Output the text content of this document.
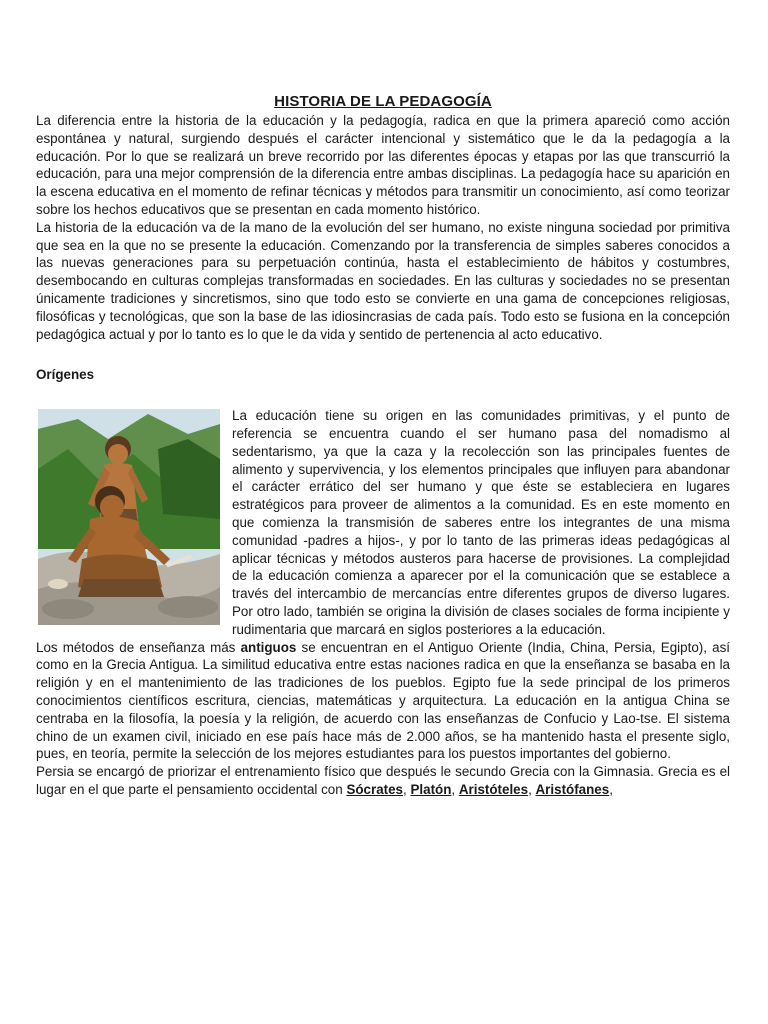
HISTORIA DE LA PEDAGOGÍA

La diferencia entre la historia de la educación y la pedagogía, radica en que la primera apareció como acción espontánea y natural, surgiendo después el carácter intencional y sistemático que le da la pedagogía a la educación. Por lo que se realizará un breve recorrido por las diferentes épocas y etapas por las que transcurrió la educación, para una mejor comprensión de la diferencia entre ambas disciplinas. La pedagogía hace su aparición en la escena educativa en el momento de refinar técnicas y métodos para transmitir un conocimiento, así como teorizar sobre los hechos educativos que se presentan en cada momento histórico.

La historia de la educación va de la mano de la evolución del ser humano, no existe ninguna sociedad por primitiva que sea en la que no se presente la educación. Comenzando por la transferencia de simples saberes conocidos a las nuevas generaciones para su perpetuación continúa, hasta el establecimiento de hábitos y costumbres, desembocando en culturas complejas transformadas en sociedades. En las culturas y sociedades no se presentan únicamente tradiciones y sincretismos, sino que todo esto se convierte en una gama de concepciones religiosas, filosóficas y tecnológicas, que son la base de las idiosincrasias de cada país. Todo esto se fusiona en la concepción pedagógica actual y por lo tanto es lo que le da vida y sentido de pertenencia al acto educativo.

Orígenes

La educación tiene su origen en las comunidades primitivas, y el punto de referencia se encuentra cuando el ser humano pasa del nomadismo al sedentarismo, ya que la caza y la recolección son las principales fuentes de alimento y supervivencia, y los elementos principales que influyen para abandonar el carácter errático del ser humano y que éste se estableciera en lugares estratégicos para proveer de alimentos a la comunidad. Es en este momento en que comienza la transmisión de saberes entre los integrantes de una misma comunidad -padres a hijos-, y por lo tanto de las primeras ideas pedagógicas al aplicar técnicas y métodos austeros para hacerse de provisiones. La complejidad de la educación comienza a aparecer por el la comunicación que se establece a través del intercambio de mercancías entre diferentes grupos de diverso lugares. Por otro lado, también se origina la división de clases sociales de forma incipiente y rudimentaria que marcará en siglos posteriores a la educación.

Los métodos de enseñanza más antiguos se encuentran en el Antiguo Oriente (India, China, Persia, Egipto), así como en la Grecia Antigua. La similitud educativa entre estas naciones radica en que la enseñanza se basaba en la religión y en el mantenimiento de las tradiciones de los pueblos. Egipto fue la sede principal de los primeros conocimientos científicos escritura, ciencias, matemáticas y arquitectura. La educación en la antigua China se centraba en la filosofía, la poesía y la religión, de acuerdo con las enseñanzas de Confucio y Lao-tse. El sistema chino de un examen civil, iniciado en ese país hace más de 2.000 años, se ha mantenido hasta el presente siglo, pues, en teoría, permite la selección de los mejores estudiantes para los puestos importantes del gobierno.

Persia se encargó de priorizar el entrenamiento físico que después le secundo Grecia con la Gimnasia. Grecia es el lugar en el que parte el pensamiento occidental con Sócrates, Platón, Aristóteles, Aristófanes,
